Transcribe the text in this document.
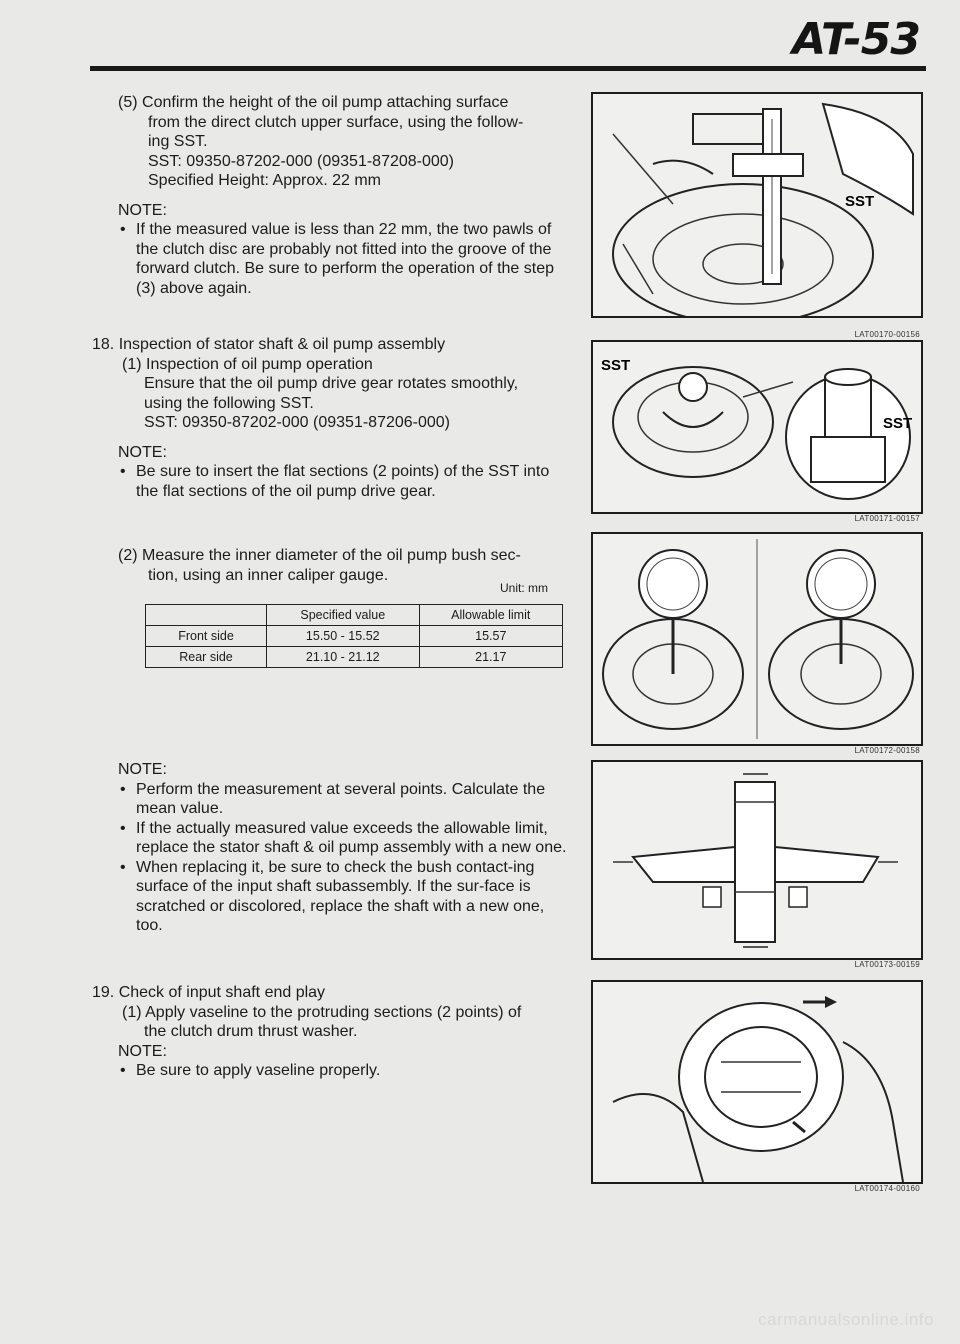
AT-53

(5) Confirm the height of the oil pump attaching surface

from the direct clutch upper surface, using the follow-

ing SST.

SST: 09350-87202-000 (09351-87208-000)

Specified Height: Approx. 22 mm

NOTE:

• If the measured value is less than 22 mm, the two pawls of the clutch disc are probably not fitted into the groove of the forward clutch. Be sure to perform the operation of the step (3) above again.

18. Inspection of stator shaft & oil pump assembly

(1) Inspection of oil pump operation

Ensure that the oil pump drive gear rotates smoothly,

using the following SST.

SST: 09350-87202-000 (09351-87206-000)

NOTE:

• Be sure to insert the flat sections (2 points) of the SST into the flat sections of the oil pump drive gear.

(2) Measure the inner diameter of the oil pump bush sec-

tion, using an inner caliper gauge.

Unit: mm
	Specified value	Allowable limit
Front side	15.50 - 15.52	15.57
Rear side	21.10 - 21.12	21.17

NOTE:

• Perform the measurement at several points. Calculate the mean value.
• If the actually measured value exceeds the allowable limit, replace the stator shaft & oil pump assembly with a new one.
• When replacing it, be sure to check the bush contact-ing surface of the input shaft subassembly. If the sur-face is scratched or discolored, replace the shaft with a new one, too.

19. Check of input shaft end play

(1) Apply vaseline to the protruding sections (2 points) of

the clutch drum thrust washer.

NOTE:

• Be sure to apply vaseline properly.
SST
LAT00170-00156
SST
SST
LAT00171-00157
LAT00172-00158
LAT00173-00159
LAT00174-00160
carmanualsonline.info
